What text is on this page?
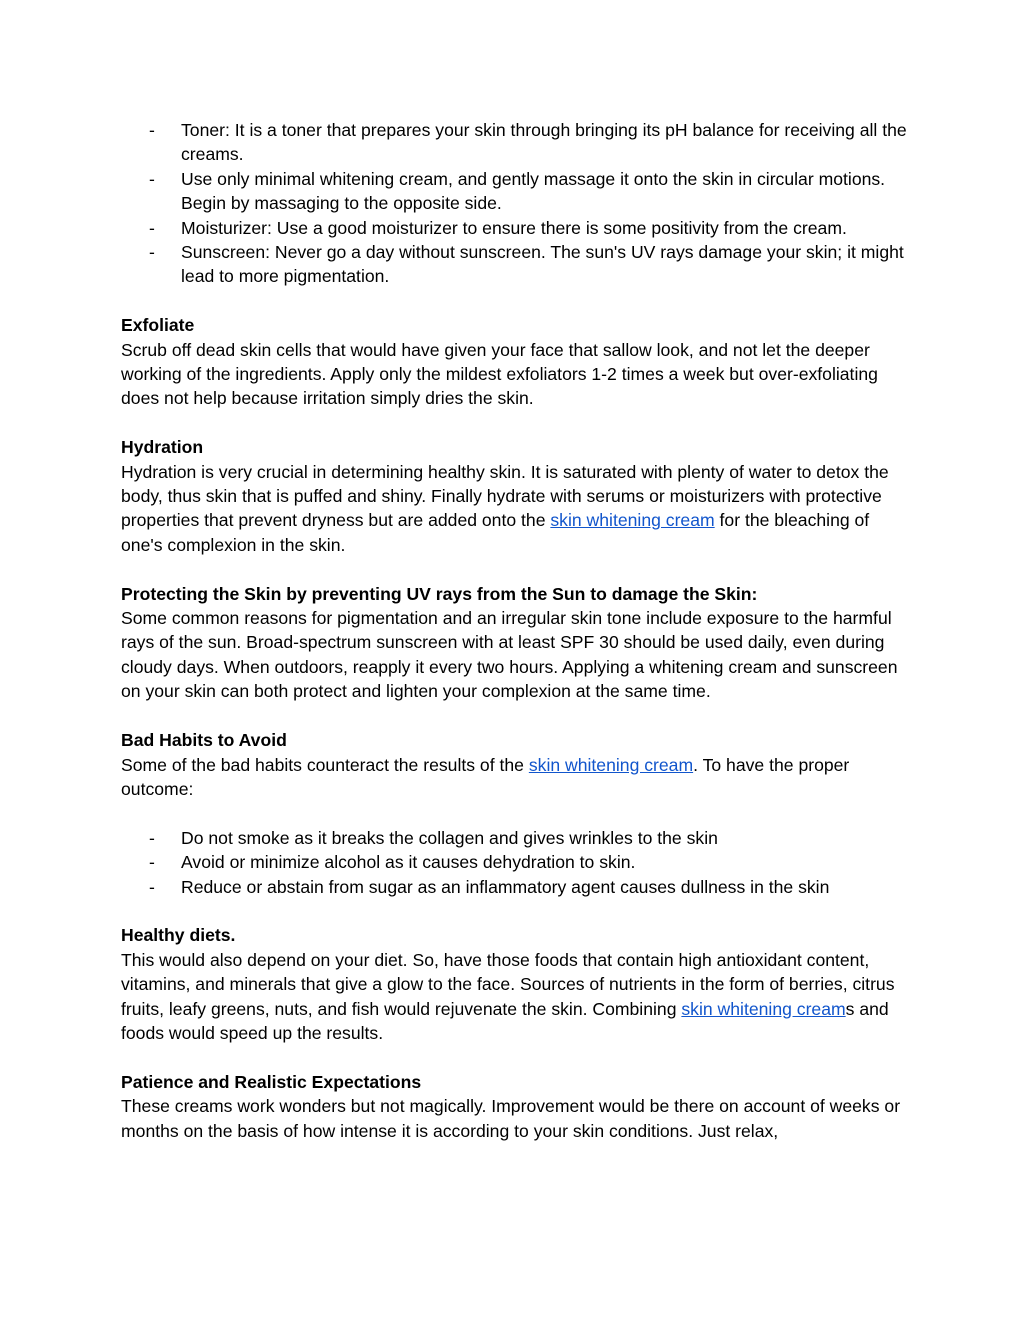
- Toner: It is a toner that prepares your skin through bringing its pH balance for receiving all the creams.
- Use only minimal whitening cream, and gently massage it onto the skin in circular motions. Begin by massaging to the opposite side.
- Moisturizer: Use a good moisturizer to ensure there is some positivity from the cream.
- Sunscreen: Never go a day without sunscreen. The sun's UV rays damage your skin; it might lead to more pigmentation.

Exfoliate

Scrub off dead skin cells that would have given your face that sallow look, and not let the deeper working of the ingredients. Apply only the mildest exfoliators 1-2 times a week but over-exfoliating does not help because irritation simply dries the skin.

Hydration

Hydration is very crucial in determining healthy skin. It is saturated with plenty of water to detox the body, thus skin that is puffed and shiny. Finally hydrate with serums or moisturizers with protective properties that prevent dryness but are added onto the skin whitening cream for the bleaching of one's complexion in the skin.

Protecting the Skin by preventing UV rays from the Sun to damage the Skin:

Some common reasons for pigmentation and an irregular skin tone include exposure to the harmful rays of the sun. Broad-spectrum sunscreen with at least SPF 30 should be used daily, even during cloudy days. When outdoors, reapply it every two hours. Applying a whitening cream and sunscreen on your skin can both protect and lighten your complexion at the same time.

Bad Habits to Avoid

Some of the bad habits counteract the results of the skin whitening cream. To have the proper outcome:

- Do not smoke as it breaks the collagen and gives wrinkles to the skin
- Avoid or minimize alcohol as it causes dehydration to skin.
- Reduce or abstain from sugar as an inflammatory agent causes dullness in the skin

Healthy diets.

This would also depend on your diet. So, have those foods that contain high antioxidant content, vitamins, and minerals that give a glow to the face. Sources of nutrients in the form of berries, citrus fruits, leafy greens, nuts, and fish would rejuvenate the skin. Combining skin whitening creams and foods would speed up the results.

Patience and Realistic Expectations

These creams work wonders but not magically. Improvement would be there on account of weeks or months on the basis of how intense it is according to your skin conditions. Just relax,
